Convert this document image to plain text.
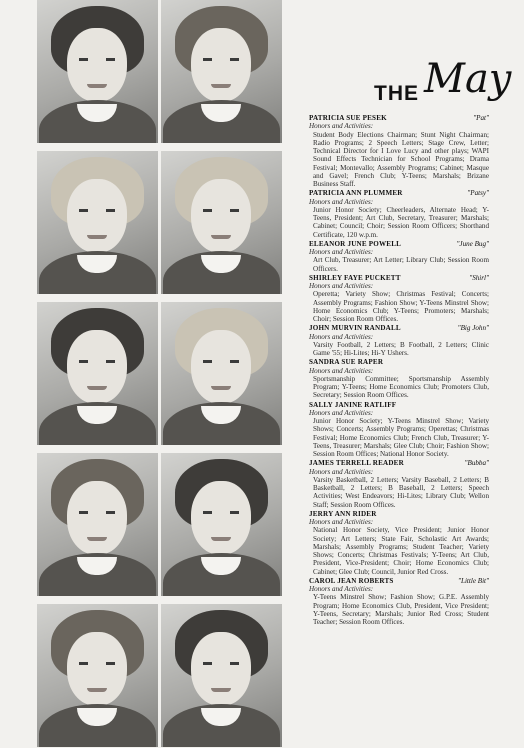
THE May
PATRICIA SUE PESEK	"Pat"

Honors and Activities:

Student Body Elections Chairman; Stunt Night Chairman; Radio Programs; 2 Speech Letters; Stage Crew, Letter; Technical Director for I Love Lucy and other plays; WAPI Sound Effects Technician for School Programs; Drama Festival; Montevallo; Assembly Programs; Cabinet; Masque and Gavel; French Club; Y-Teens; Marshals; Brizane Business Staff.

PATRICIA ANN PLUMMER	"Patsy"

Honors and Activities:

Junior Honor Society; Cheerleaders, Alternate Head; Y-Teens, President; Art Club, Secretary, Treasurer; Marshals; Cabinet; Council; Choir; Session Room Officers; Shorthand Certificate, 120 w.p.m.

ELEANOR JUNE POWELL	"June Bug"

Honors and Activities:

Art Club, Treasurer; Art Letter; Library Club; Session Room Officers.

SHIRLEY FAYE PUCKETT	"Shirl"

Honors and Activities:

Operetta; Variety Show; Christmas Festival; Concerts; Assembly Programs; Fashion Show; Y-Teens Minstrel Show; Home Economics Club; Y-Teens; Promoters; Marshals; Choir; Session Room Offices.

JOHN MURVIN RANDALL	"Big John"

Honors and Activities:

Varsity Football, 2 Letters; B Football, 2 Letters; Clinic Game '55; Hi-Lites; Hi-Y Ushers.

SANDRA SUE RAPER

Honors and Activities:

Sportsmanship Committee; Sportsmanship Assembly Program; Y-Teens; Home Economics Club; Promoters Club, Secretary; Session Room Offices.

SALLY JANINE RATLIFF

Honors and Activities:

Junior Honor Society; Y-Teens Minstrel Show; Variety Shows; Concerts; Assembly Programs; Operettas; Christmas Festival; Home Economics Club; French Club, Treasurer; Y-Teens, Treasurer; Marshals; Glee Club; Choir; Fashion Show; Session Room Offices; National Honor Society.

JAMES TERRELL READER	"Bubba"

Honors and Activities:

Varsity Basketball, 2 Letters; Varsity Baseball, 2 Letters; B Basketball, 2 Letters; B Baseball, 2 Letters; Speech Activities; West Endeavors; Hi-Lites; Library Club; Wellon Staff; Session Room Offices.

JERRY ANN RIDER

Honors and Activities:

National Honor Society, Vice President; Junior Honor Society; Art Letters; State Fair, Scholastic Art Awards; Marshals; Assembly Programs; Student Teacher; Variety Shows; Concerts; Christmas Festivals; Y-Teens; Art Club, President, Vice-President; Choir; Home Economics Club; Cabinet; Glee Club; Council, Junior Red Cross.

CAROL JEAN ROBERTS	"Little Bit"

Honors and Activities:

Y-Teens Minstrel Show; Fashion Show; G.P.E. Assembly Program; Home Economics Club, President, Vice President; Y-Teens, Secretary; Marshals; Junior Red Cross; Student Teacher; Session Room Offices.
